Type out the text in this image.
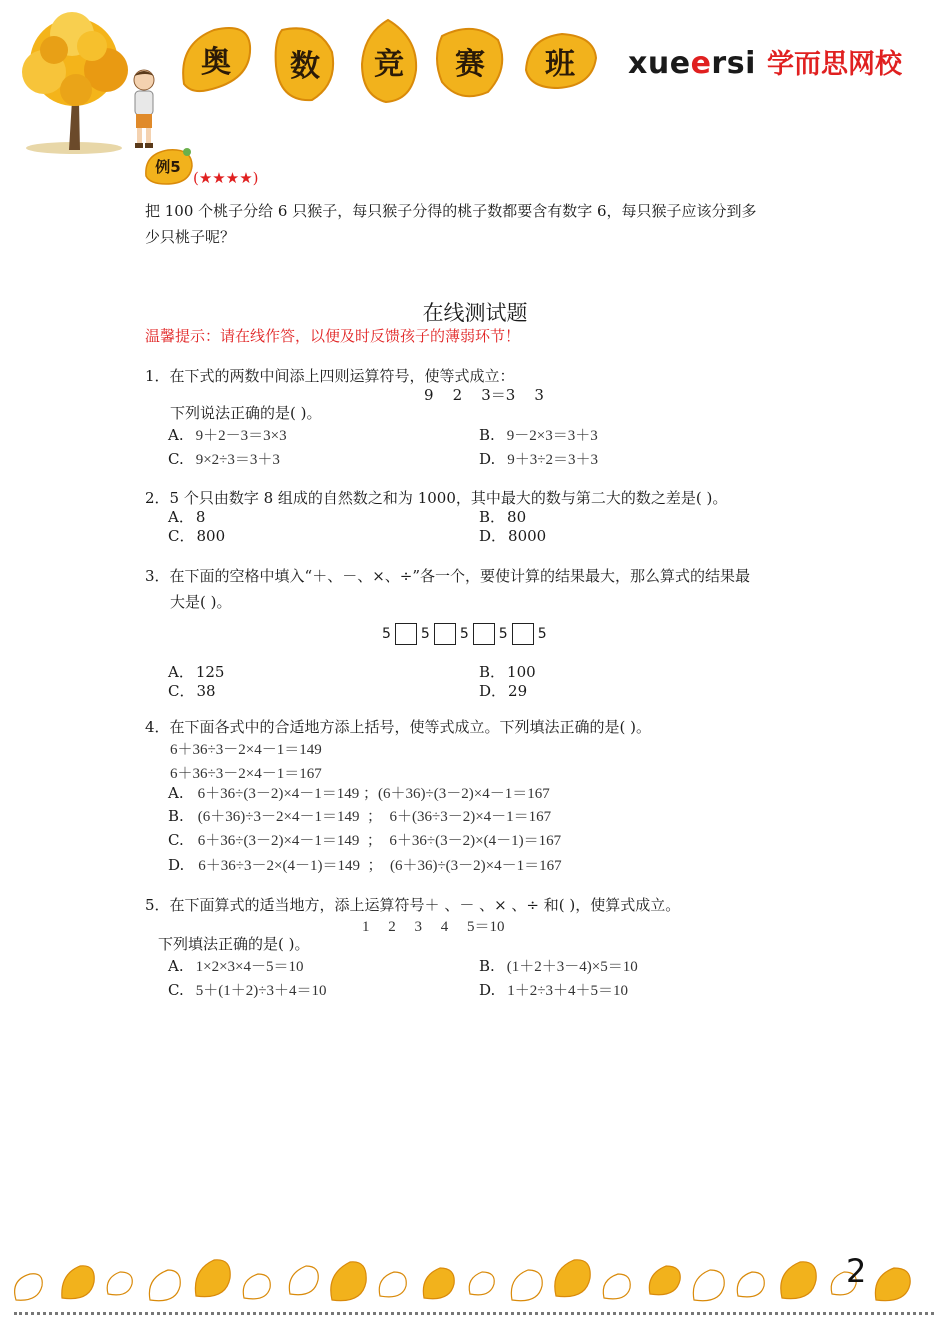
奥	数	竞	赛	班	xueersi 学而思网校
例5
(★★★★)
把 100 个桃子分给 6 只猴子，每只猴子分得的桃子数都要含有数字 6，每只猴子应该分到多
少只桃子呢？
在线测试题
温馨提示：请在线作答，以便及时反馈孩子的薄弱环节！
1．在下式的两数中间添上四则运算符号，使等式成立：
9    2    3＝3    3
下列说法正确的是( )。
A. 9＋2－3＝3×3	B. 9－2×3＝3＋3
C. 9×2÷3＝3＋3	D. 9＋3÷2＝3＋3
2．5 个只由数字 8 组成的自然数之和为 1000，其中最大的数与第二大的数之差是( )。
A． 8	B． 80
C． 800	D． 8000
3．在下面的空格中填入“＋、－、×、÷”各一个，要使计算的结果最大，那么算式的结果最
大是( )。
5 5 5 5 5
A． 125	B． 100
C． 38	D． 29
4．在下面各式中的合适地方添上括号，使等式成立。下列填法正确的是( )。
6＋36÷3－2×4－1＝149
6＋36÷3－2×4－1＝167
A. 6＋36÷(3－2)×4－1＝149 ；(6＋36)÷(3－2)×4－1＝167
B. (6＋36)÷3－2×4－1＝149  ；  6＋(36÷3－2)×4－1＝167
C. 6＋36÷(3－2)×4－1＝149  ；  6＋36÷(3－2)×(4－1)＝167
D. 6＋36÷3－2×(4－1)＝149  ；  (6＋36)÷(3－2)×4－1＝167
5．在下面算式的适当地方，添上运算符号＋ 、－ 、× 、÷ 和( )，使算式成立。
1     2     3     4     5＝10
下列填法正确的是( )。
A. 1×2×3×4－5＝10	B. (1＋2＋3－4)×5＝10
C. 5＋(1＋2)÷3＋4＝10	D. 1＋2÷3＋4＋5＝10
2
